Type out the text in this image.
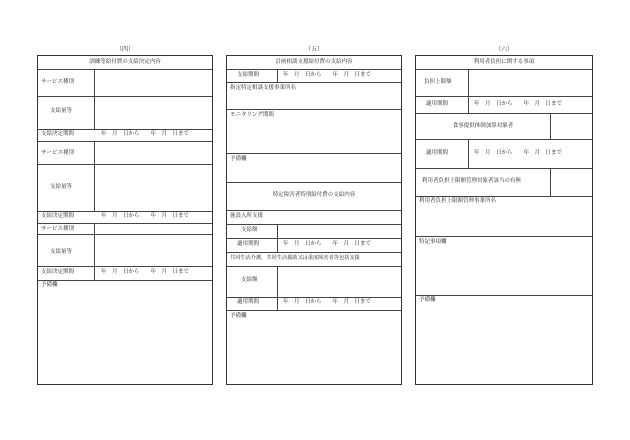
（四）	（五）	（六）
訓練等給付費の支給決定内容
サービス種別
支給量等
支給決定期間	年　月　日から　　年　月　日まで
サービス種別
支給量等
支給決定期間	年　月　日から　　年　月　日まで
サービス種別
支給量等
支給決定期間	年　月　日から　　年　月　日まで
予備欄
計画相談支援給付費の支給内容
支給期間	年　月　日から　　年　月　日まで
指定特定相談支援事業所名
モニタリング期間
予備欄
特定障害者特別給付費の支給内容
施設入所支援
支給額
適用期間	年　月　日から　　年　月　日まで
共同生活介護、共同生活援助又は重度障害者等包括支援
支給額
適用期間	年　月　日から　　年　月　日まで
予備欄
利用者負担に関する事項
負担上限額
適用期間	年　月　日から　　年　月　日まで
食事提供体制加算対象者
適用期間	年　月　日から　　年　月　日まで
利用者負担上限額管理対象者該当の有無
利用者負担上限額管理事業所名
特記事項欄
予備欄
